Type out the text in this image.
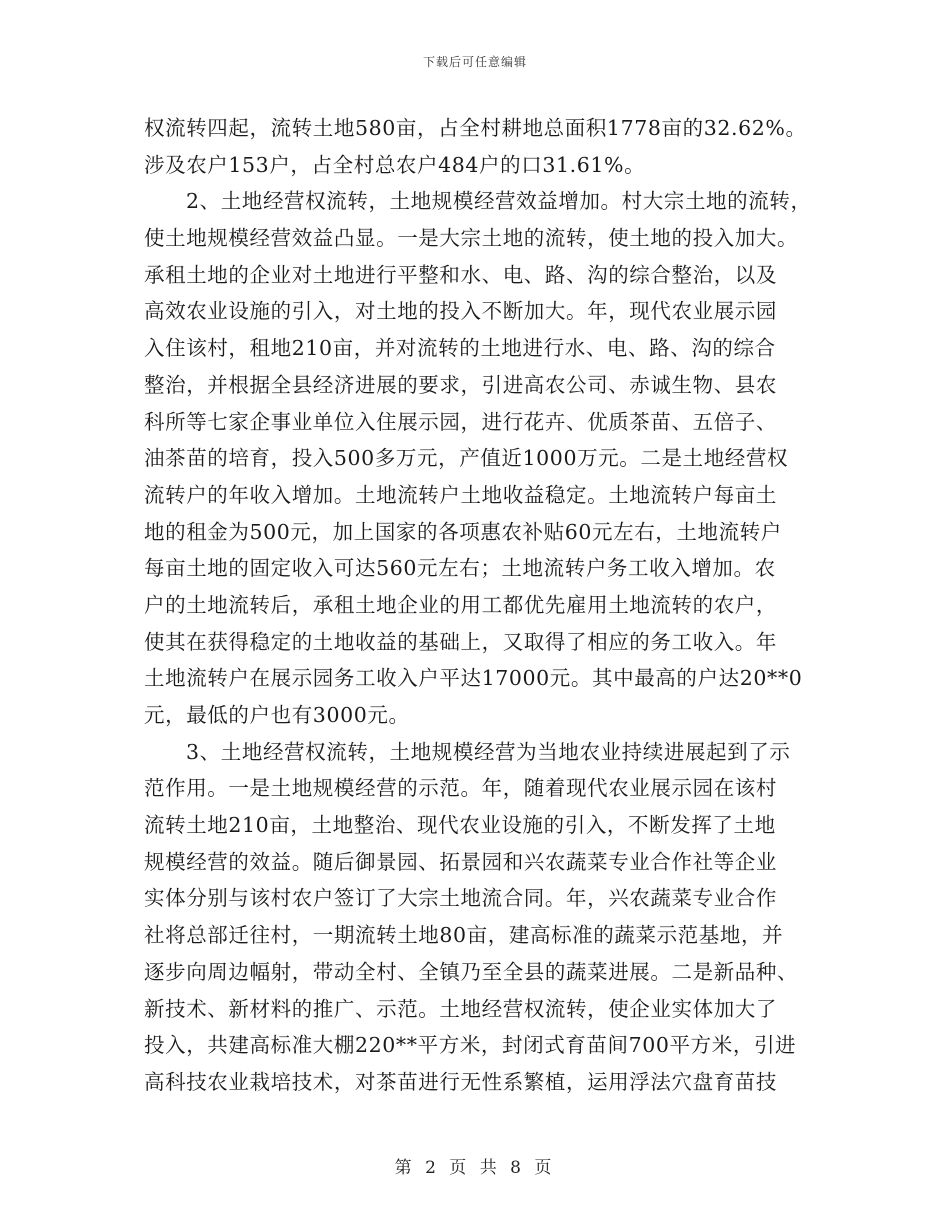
下载后可任意编辑
权流转四起，流转土地580亩，占全村耕地总面积1778亩的32.62%。
涉及农户153户，占全村总农户484户的口31.61%。
2、土地经营权流转，土地规模经营效益增加。村大宗土地的流转，
使土地规模经营效益凸显。一是大宗土地的流转，使土地的投入加大。
承租土地的企业对土地进行平整和水、电、路、沟的综合整治，以及
高效农业设施的引入，对土地的投入不断加大。年，现代农业展示园
入住该村，租地210亩，并对流转的土地进行水、电、路、沟的综合
整治，并根据全县经济进展的要求，引进高农公司、赤诚生物、县农
科所等七家企事业单位入住展示园，进行花卉、优质茶苗、五倍子、
油茶苗的培育，投入500多万元，产值近1000万元。二是土地经营权
流转户的年收入增加。土地流转户土地收益稳定。土地流转户每亩土
地的租金为500元，加上国家的各项惠农补贴60元左右，土地流转户
每亩土地的固定收入可达560元左右；土地流转户务工收入增加。农
户的土地流转后，承租土地企业的用工都优先雇用土地流转的农户，
使其在获得稳定的土地收益的基础上，又取得了相应的务工收入。年
土地流转户在展示园务工收入户平达17000元。其中最高的户达20**0
元，最低的户也有3000元。
3、土地经营权流转，土地规模经营为当地农业持续进展起到了示
范作用。一是土地规模经营的示范。年，随着现代农业展示园在该村
流转土地210亩，土地整治、现代农业设施的引入，不断发挥了土地
规模经营的效益。随后御景园、拓景园和兴农蔬菜专业合作社等企业
实体分别与该村农户签订了大宗土地流合同。年，兴农蔬菜专业合作
社将总部迁往村，一期流转土地80亩，建高标准的蔬菜示范基地，并
逐步向周边幅射，带动全村、全镇乃至全县的蔬菜进展。二是新品种、
新技术、新材料的推广、示范。土地经营权流转，使企业实体加大了
投入，共建高标准大棚220**平方米，封闭式育苗间700平方米，引进
高科技农业栽培技术，对茶苗进行无性系繁植，运用浮法穴盘育苗技
第 2 页 共 8 页
